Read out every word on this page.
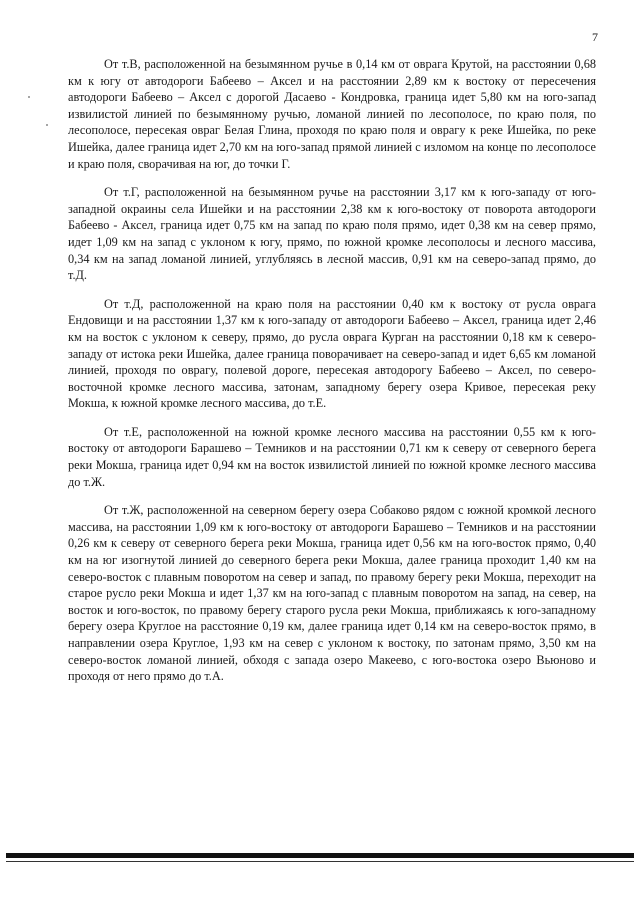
7

От т.В, расположенной на безымянном ручье в 0,14 км от оврага Крутой, на расстоянии 0,68 км к югу от автодороги Бабеево – Аксел и на расстоянии 2,89 км к востоку от пересечения автодороги Бабеево – Аксел с дорогой Дасаево - Кондровка, граница идет 5,80 км на юго-запад извилистой линией по безымянному ручью, ломаной линией по лесополосе, по краю поля, по лесополосе, пересекая овраг Белая Глина, проходя по краю поля и оврагу к реке Ишейка, по реке Ишейка, далее граница идет 2,70 км на юго-запад прямой линией с изломом на конце по лесополосе и краю поля, сворачивая на юг, до точки Г.

От т.Г, расположенной на безымянном ручье на расстоянии 3,17 км к юго-западу от юго-западной окраины села Ишейки и на расстоянии 2,38 км к юго-востоку от поворота автодороги Бабеево - Аксел, граница идет 0,75 км на запад по краю поля прямо, идет 0,38 км на север прямо, идет 1,09 км на запад с уклоном к югу, прямо, по южной кромке лесополосы и лесного массива, 0,34 км на запад ломаной линией, углубляясь в лесной массив, 0,91 км на северо-запад прямо, до т.Д.

От т.Д, расположенной на краю поля на расстоянии 0,40 км к востоку от русла оврага Ендовищи и на расстоянии 1,37 км к юго-западу от автодороги Бабеево – Аксел, граница идет 2,46 км на восток с уклоном к северу, прямо, до русла оврага Курган на расстоянии 0,18 км к северо-западу от истока реки Ишейка, далее граница поворачивает на северо-запад и идет 6,65 км ломаной линией, проходя по оврагу, полевой дороге, пересекая автодорогу Бабеево – Аксел, по северо-восточной кромке лесного массива, затонам, западному берегу озера Кривое, пересекая реку Мокша, к южной кромке лесного массива, до т.Е.

От т.Е, расположенной на южной кромке лесного массива на расстоянии 0,55 км к юго-востоку от автодороги Барашево – Темников и на расстоянии 0,71 км к северу от северного берега реки Мокша, граница идет 0,94 км на восток извилистой линией по южной кромке лесного массива до т.Ж.

От т.Ж, расположенной на северном берегу озера Собаково рядом с южной кромкой лесного массива, на расстоянии 1,09 км к юго-востоку от автодороги Барашево – Темников и на расстоянии 0,26 км к северу от северного берега реки Мокша, граница идет 0,56 км на юго-восток прямо, 0,40 км на юг изогнутой линией до северного берега реки Мокша, далее граница проходит 1,40 км на северо-восток с плавным поворотом на север и запад, по правому берегу реки Мокша, переходит на старое русло реки Мокша и идет 1,37 км на юго-запад с плавным поворотом на запад, на север, на восток и юго-восток, по правому берегу старого русла реки Мокша, приближаясь к юго-западному берегу озера Круглое на расстояние 0,19 км, далее граница идет 0,14 км на северо-восток прямо, в направлении озера Круглое, 1,93 км на север с уклоном к востоку, по затонам прямо, 3,50 км на северо-восток ломаной линией, обходя с запада озеро Макеево, с юго-востока озеро Вьюново и проходя от него прямо до т.А.
